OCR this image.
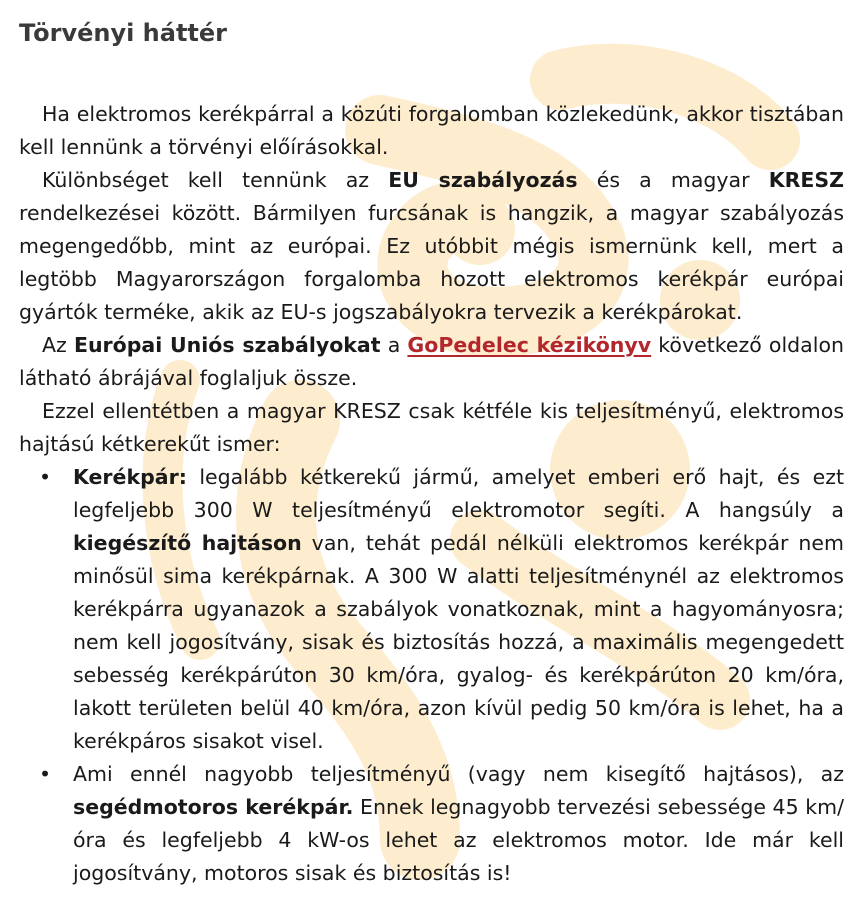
Törvényi háttér

Ha elektromos kerékpárral a közúti forgalomban közlekedünk, akkor tisztában kell lennünk a törvényi előírásokkal.

Különbséget kell tennünk az EU szabályozás és a magyar KRESZ rendelkezései között. Bármilyen furcsának is hangzik, a magyar szabályozás megengedőbb, mint az európai. Ez utóbbit mégis ismernünk kell, mert a legtöbb Magyarországon forgalomba hozott elektromos kerékpár európai gyártók terméke, akik az EU-s jogszabályokra tervezik a kerékpárokat.

Az Európai Uniós szabályokat a GoPedelec kézikönyv következő oldalon látható ábrájával foglaljuk össze.

Ezzel ellentétben a magyar KRESZ csak kétféle kis teljesítményű, elektromos hajtású kétkerekűt ismer:

• Kerékpár: legalább kétkerekű jármű, amelyet emberi erő hajt, és ezt legfeljebb 300 W teljesítményű elektromotor segíti. A hangsúly a kiegészítő hajtáson van, tehát pedál nélküli elektromos kerékpár nem minősül sima kerékpárnak. A 300 W alatti teljesítménynél az elektromos kerékpárra ugyanazok a szabályok vonatkoznak, mint a hagyományosra; nem kell jogosítvány, sisak és biztosítás hozzá, a maximális megengedett sebesség kerékpárúton 30 km/óra, gyalog- és kerékpárúton 20 km/óra, lakott területen belül 40 km/óra, azon kívül pedig 50 km/óra is lehet, ha a kerékpáros sisakot visel.
• Ami ennél nagyobb teljesítményű (vagy nem kisegítő hajtásos), az segédmotoros kerékpár. Ennek legnagyobb tervezési sebessége 45 km/óra és legfeljebb 4 kW-os lehet az elektromos motor. Ide már kell jogosítvány, motoros sisak és biztosítás is!
